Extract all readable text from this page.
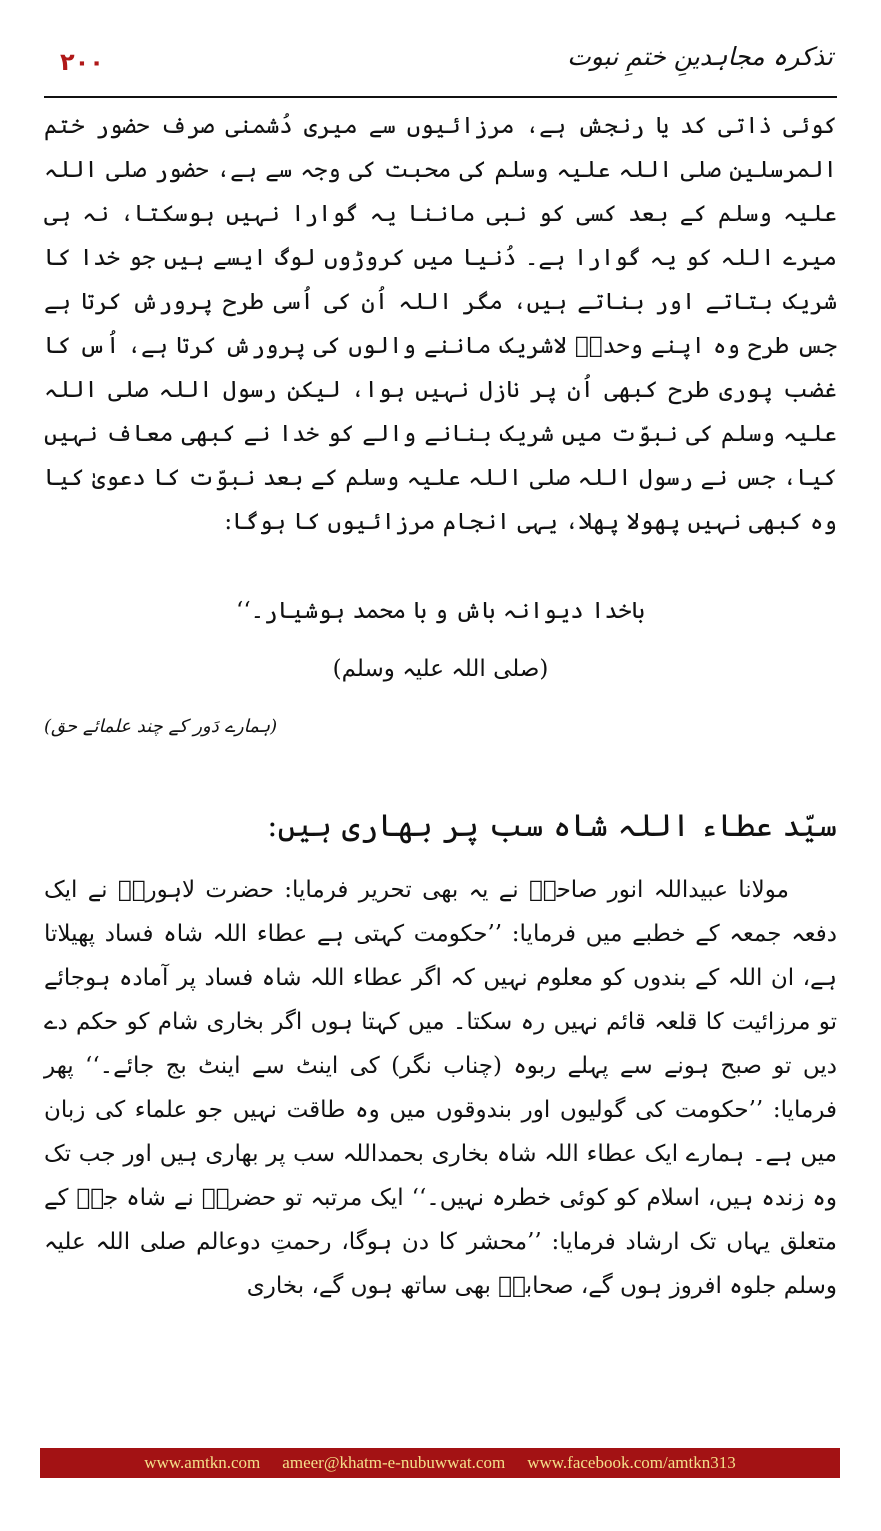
۲۰۰	تذکرہ مجاہدینِ ختمِ نبوت
کوئی ذاتی کد یا رنجش ہے، مرزائیوں سے میری دُشمنی صرف حضور ختم المرسلین صلی اللہ علیہ وسلم کی محبت کی وجہ سے ہے، حضور صلی اللہ علیہ وسلم کے بعد کسی کو نبی ماننا یہ گوارا نہیں ہوسکتا، نہ ہی میرے اللہ کو یہ گوارا ہے۔ دُنیا میں کروڑوں لوگ ایسے ہیں جو خدا کا شریک بتاتے اور بناتے ہیں، مگر اللہ اُن کی اُسی طرح پرورش کرتا ہے جس طرح وہ اپنے وحدہٗ لاشریک ماننے والوں کی پرورش کرتا ہے، اُس کا غضب پوری طرح کبھی اُن پر نازل نہیں ہوا، لیکن رسول اللہ صلی اللہ علیہ وسلم کی نبوّت میں شریک بنانے والے کو خدا نے کبھی معاف نہیں کیا، جس نے رسول اللہ صلی اللہ علیہ وسلم کے بعد نبوّت کا دعویٰ کیا وہ کبھی نہیں پھولا پھلا، یہی انجام مرزائیوں کا ہوگا:
باخدا دیوانہ باش و با محمد ہوشیار۔‘‘
(صلی اللہ علیہ وسلم)
(ہمارے دَور کے چند علمائے حق)
سیّد عطاء اللہ شاہ سب پر بھاری ہیں:
مولانا عبیداللہ انور صاحبؒ نے یہ بھی تحریر فرمایا: حضرت لاہوریؒ نے ایک دفعہ جمعہ کے خطبے میں فرمایا: ’’حکومت کہتی ہے عطاء اللہ شاہ فساد پھیلاتا ہے، ان اللہ کے بندوں کو معلوم نہیں کہ اگر عطاء اللہ شاہ فساد پر آمادہ ہوجائے تو مرزائیت کا قلعہ قائم نہیں رہ سکتا۔ میں کہتا ہوں اگر بخاری شام کو حکم دے دیں تو صبح ہونے سے پہلے ربوہ (چناب نگر) کی اینٹ سے اینٹ بج جائے۔‘‘ پھر فرمایا: ’’حکومت کی گولیوں اور بندوقوں میں وہ طاقت نہیں جو علماء کی زبان میں ہے۔ ہمارے ایک عطاء اللہ شاہ بخاری بحمداللہ سب پر بھاری ہیں اور جب تک وہ زندہ ہیں، اسلام کو کوئی خطرہ نہیں۔‘‘ ایک مرتبہ تو حضرتؒ نے شاہ جیؒ کے متعلق یہاں تک ارشاد فرمایا: ’’محشر کا دن ہوگا، رحمتِ دوعالم صلی اللہ علیہ وسلم جلوہ افروز ہوں گے، صحابہؓ بھی ساتھ ہوں گے، بخاری
www.amtkn.com ameer@khatm-e-nubuwwat.com www.facebook.com/amtkn313
